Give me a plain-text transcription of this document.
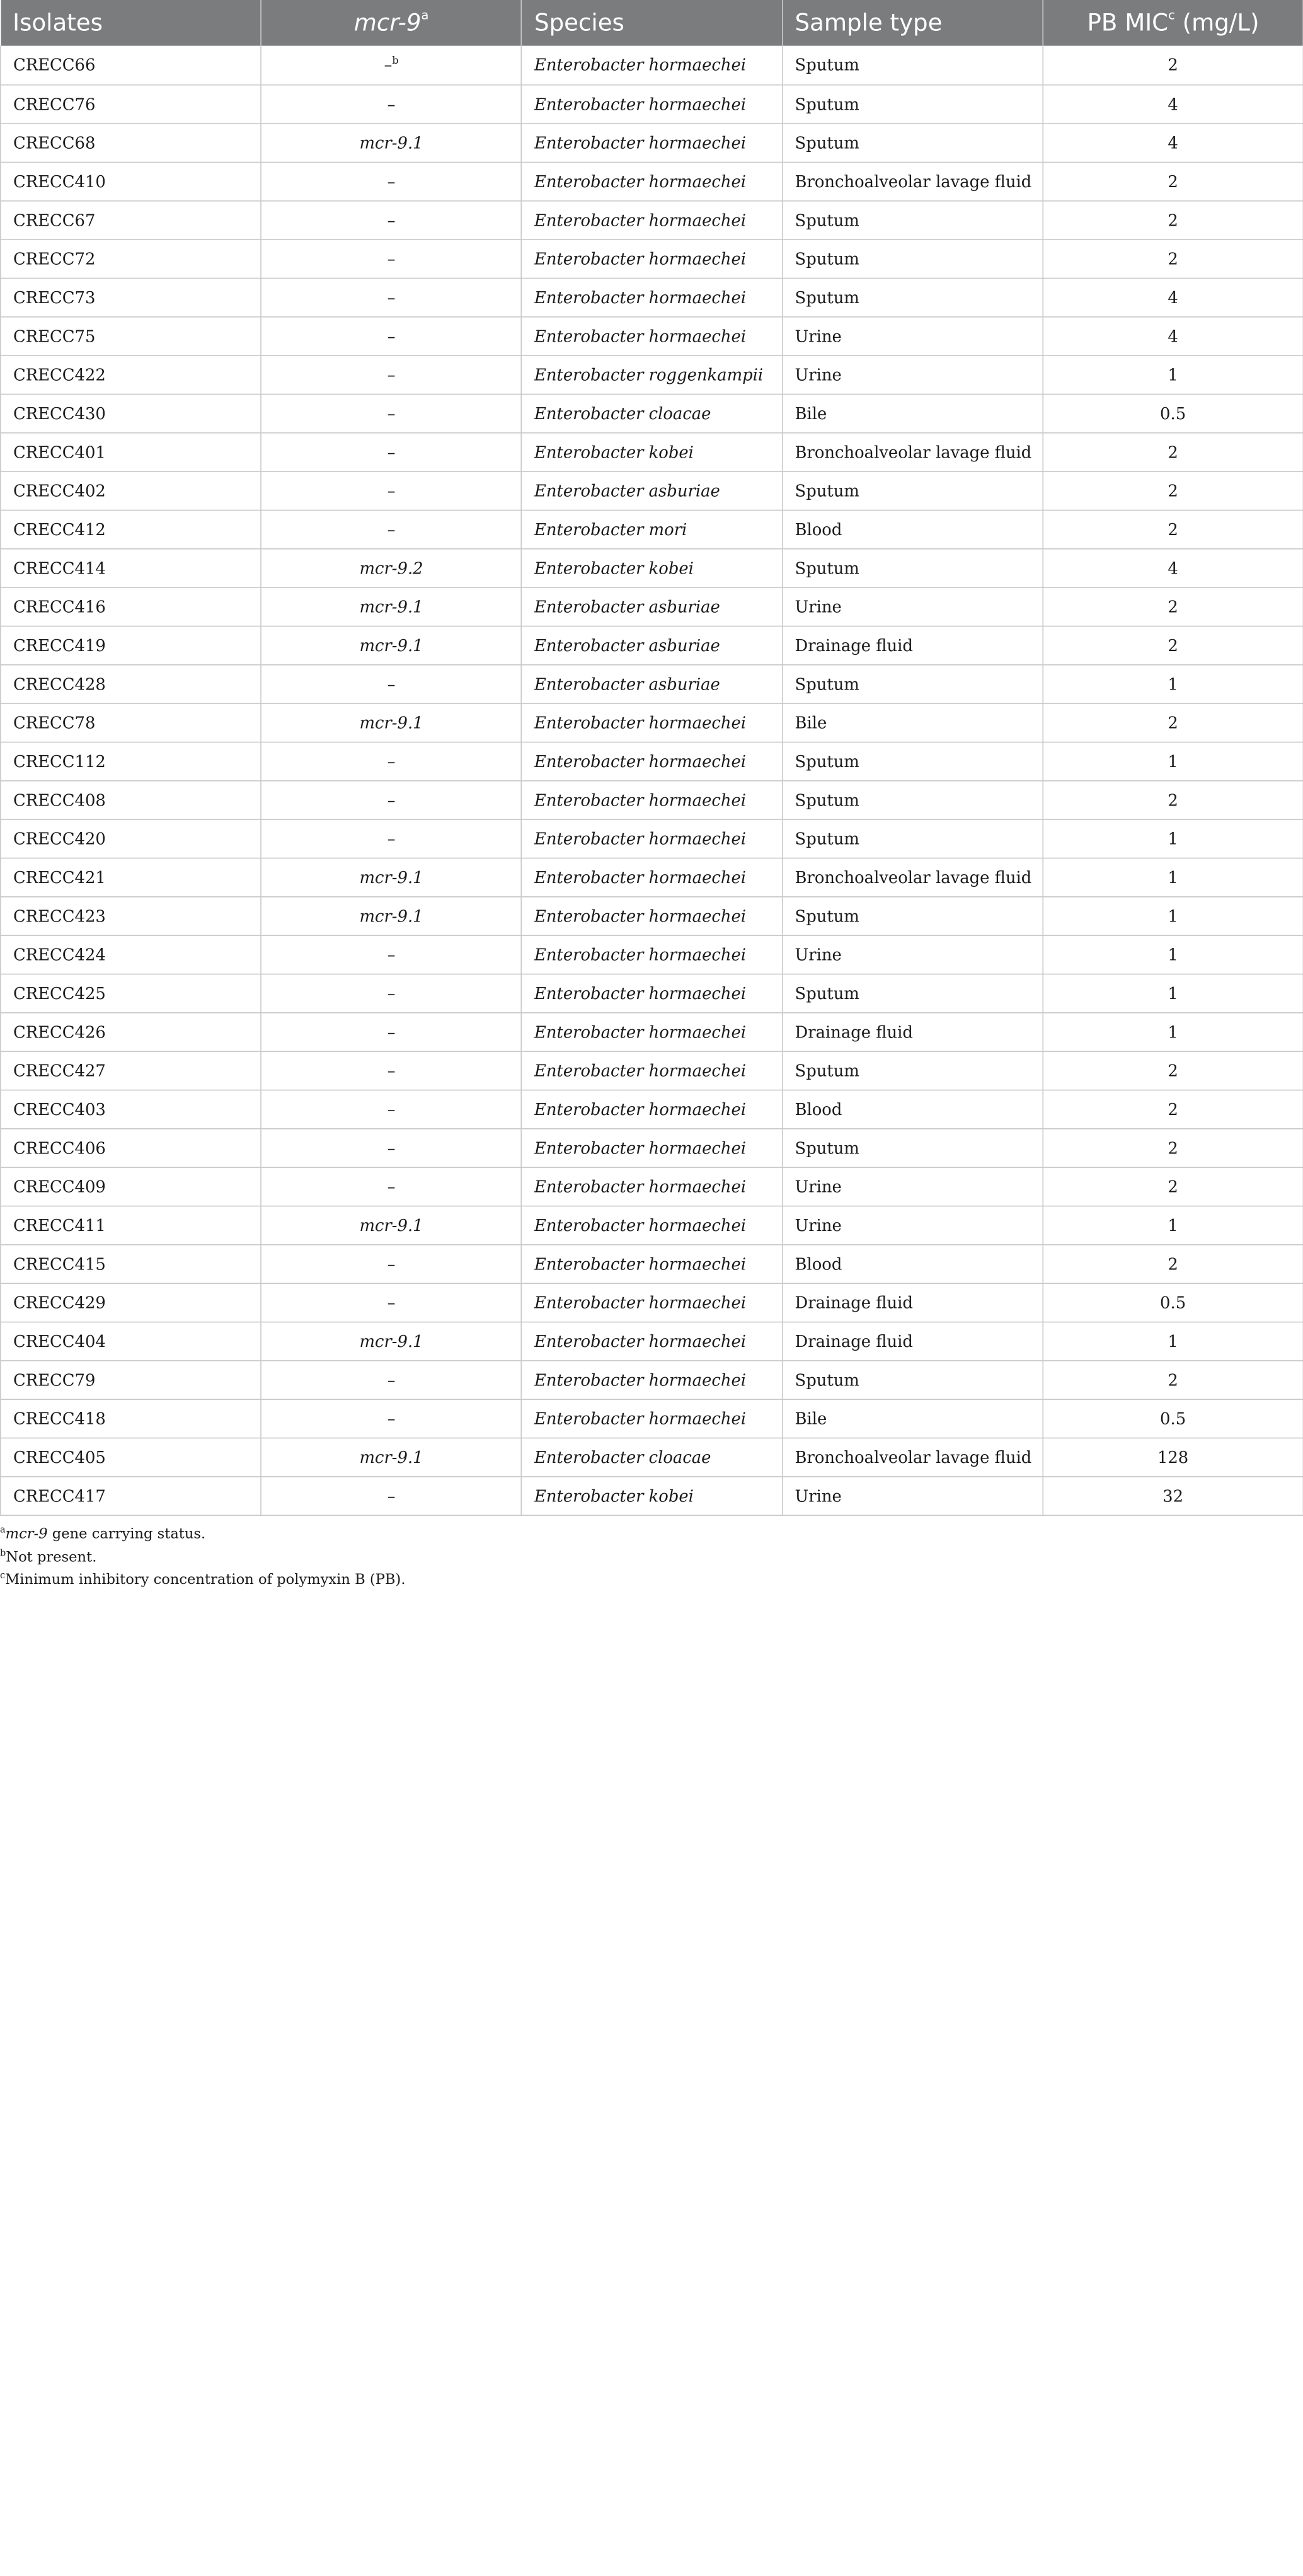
Isolates	mcr-9$^a$	Species	Sample type	PB MIC$^c$ (mg/L)
CRECC66	–$^b$	Enterobacter hormaechei	Sputum	2
CRECC76	–	Enterobacter hormaechei	Sputum	4
CRECC68	mcr-9.1	Enterobacter hormaechei	Sputum	4
CRECC410	–	Enterobacter hormaechei	Bronchoalveolar lavage fluid	2
CRECC67	–	Enterobacter hormaechei	Sputum	2
CRECC72	–	Enterobacter hormaechei	Sputum	2
CRECC73	–	Enterobacter hormaechei	Sputum	4
CRECC75	–	Enterobacter hormaechei	Urine	4
CRECC422	–	Enterobacter roggenkampii	Urine	1
CRECC430	–	Enterobacter cloacae	Bile	0.5
CRECC401	–	Enterobacter kobei	Bronchoalveolar lavage fluid	2
CRECC402	–	Enterobacter asburiae	Sputum	2
CRECC412	–	Enterobacter mori	Blood	2
CRECC414	mcr-9.2	Enterobacter kobei	Sputum	4
CRECC416	mcr-9.1	Enterobacter asburiae	Urine	2
CRECC419	mcr-9.1	Enterobacter asburiae	Drainage fluid	2
CRECC428	–	Enterobacter asburiae	Sputum	1
CRECC78	mcr-9.1	Enterobacter hormaechei	Bile	2
CRECC112	–	Enterobacter hormaechei	Sputum	1
CRECC408	–	Enterobacter hormaechei	Sputum	2
CRECC420	–	Enterobacter hormaechei	Sputum	1
CRECC421	mcr-9.1	Enterobacter hormaechei	Bronchoalveolar lavage fluid	1
CRECC423	mcr-9.1	Enterobacter hormaechei	Sputum	1
CRECC424	–	Enterobacter hormaechei	Urine	1
CRECC425	–	Enterobacter hormaechei	Sputum	1
CRECC426	–	Enterobacter hormaechei	Drainage fluid	1
CRECC427	–	Enterobacter hormaechei	Sputum	2
CRECC403	–	Enterobacter hormaechei	Blood	2
CRECC406	–	Enterobacter hormaechei	Sputum	2
CRECC409	–	Enterobacter hormaechei	Urine	2
CRECC411	mcr-9.1	Enterobacter hormaechei	Urine	1
CRECC415	–	Enterobacter hormaechei	Blood	2
CRECC429	–	Enterobacter hormaechei	Drainage fluid	0.5
CRECC404	mcr-9.1	Enterobacter hormaechei	Drainage fluid	1
CRECC79	–	Enterobacter hormaechei	Sputum	2
CRECC418	–	Enterobacter hormaechei	Bile	0.5
CRECC405	mcr-9.1	Enterobacter cloacae	Bronchoalveolar lavage fluid	128
CRECC417	–	Enterobacter kobei	Urine	32
$^a$mcr-9 gene carrying status.
$^b$Not present.
$^c$Minimum inhibitory concentration of polymyxin B (PB).
